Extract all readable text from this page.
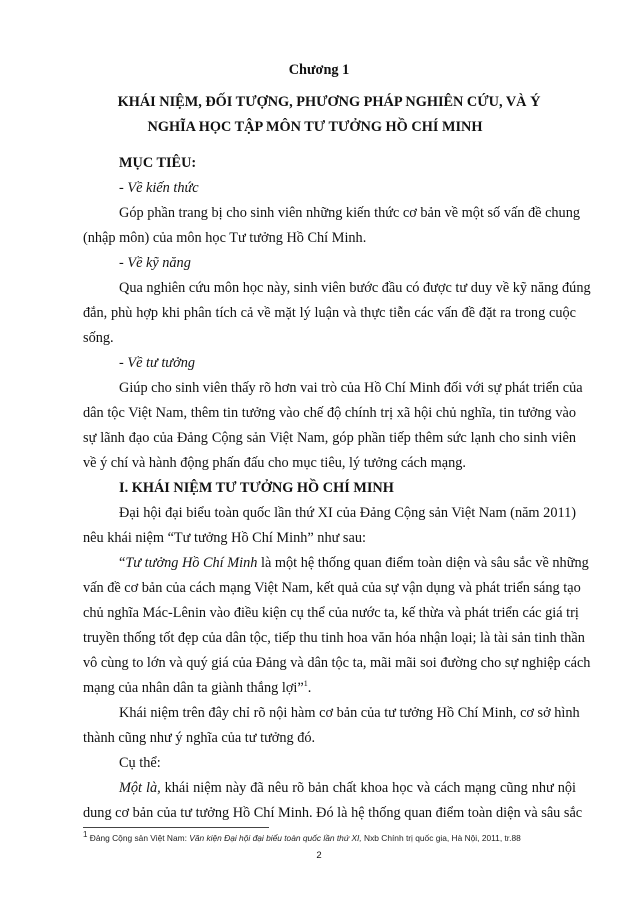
Chương 1
KHÁI NIỆM, ĐỐI TƯỢNG, PHƯƠNG PHÁP NGHIÊN CỨU, VÀ Ý
NGHĨA HỌC TẬP MÔN TƯ TƯỞNG HỒ CHÍ MINH
MỤC TIÊU:
- Về kiến thức
Góp phần trang bị cho sinh viên những kiến thức cơ bản về một số vấn đề chung
(nhập môn) của môn học Tư tưởng Hồ Chí Minh.
- Về kỹ năng
Qua nghiên cứu môn học này, sinh viên bước đầu có được tư duy về kỹ năng đúng
đắn, phù hợp khi phân tích cả về mặt lý luận và thực tiễn các vấn đề đặt ra trong cuộc
sống.
- Về tư tưởng
Giúp cho sinh viên thấy rõ hơn vai trò của Hồ Chí Minh đối với sự phát triển của
dân tộc Việt Nam, thêm tin tưởng vào chế độ chính trị xã hội chủ nghĩa, tin tưởng vào
sự lãnh đạo của Đảng Cộng sản Việt Nam, góp phần tiếp thêm sức lạnh cho sinh viên
về ý chí và hành động phấn đấu cho mục tiêu, lý tưởng cách mạng.
I. KHÁI NIỆM TƯ TƯỞNG HỒ CHÍ MINH
Đại hội đại biểu toàn quốc lần thứ XI của Đảng Cộng sản Việt Nam (năm 2011)
nêu khái niệm “Tư tưởng Hồ Chí Minh” như sau:
“Tư tưởng Hồ Chí Minh là một hệ thống quan điểm toàn diện và sâu sắc về những
vấn đề cơ bản của cách mạng Việt Nam, kết quả của sự vận dụng và phát triển sáng tạo
chủ nghĩa Mác-Lênin vào điều kiện cụ thể của nước ta, kế thừa và phát triển các giá trị
truyền thống tốt đẹp của dân tộc, tiếp thu tinh hoa văn hóa nhận loại; là tài sản tinh thần
vô cùng to lớn và quý giá của Đảng và dân tộc ta, mãi mãi soi đường cho sự nghiệp cách
mạng của nhân dân ta giành thắng lợi”$^1$.
Khái niệm trên đây chỉ rõ nội hàm cơ bản của tư tưởng Hồ Chí Minh, cơ sở hình
thành cũng như ý nghĩa của tư tưởng đó.
Cụ thể:
Một là, khái niệm này đã nêu rõ bản chất khoa học và cách mạng cũng như nội
dung cơ bản của tư tưởng Hồ Chí Minh. Đó là hệ thống quan điểm toàn diện và sâu sắc
$^1$ Đảng Cộng sản Việt Nam: Văn kiện Đại hội đại biểu toàn quốc lần thứ XI, Nxb Chính trị quốc gia, Hà Nội, 2011, tr.88
2
